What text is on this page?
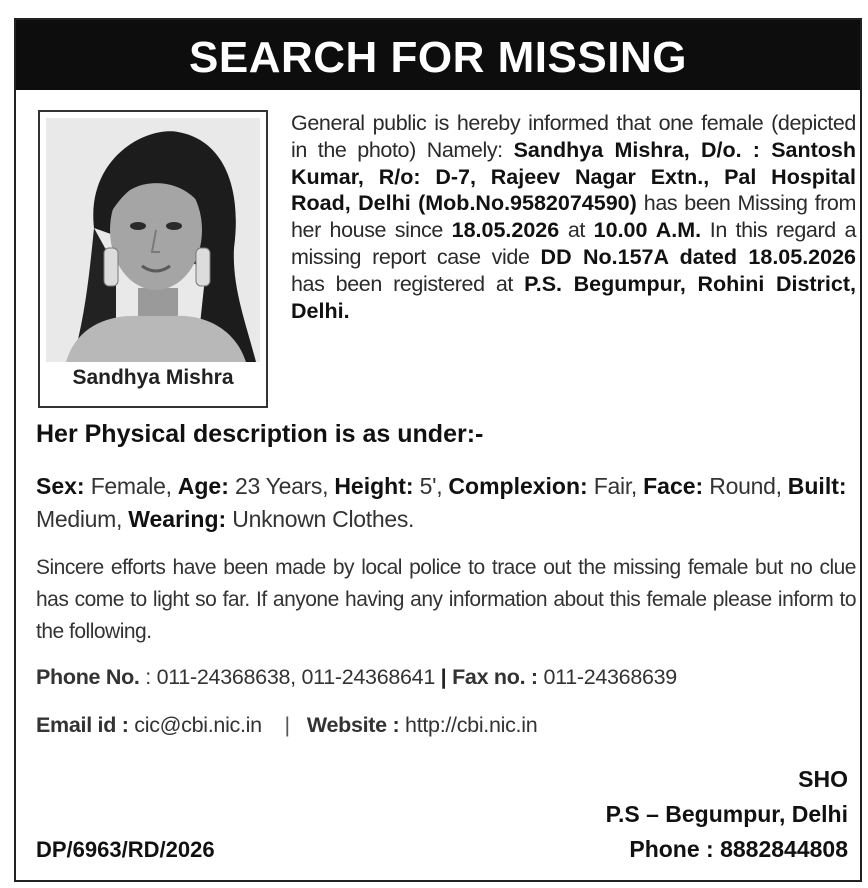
SEARCH FOR MISSING
Sandhya Mishra
General public is hereby informed that one female (depicted in the photo) Namely: Sandhya Mishra, D/o. : Santosh Kumar, R/o: D-7, Rajeev Nagar Extn., Pal Hospital Road, Delhi (Mob.No.9582074590) has been Missing from her house since 18.05.2026 at 10.00 A.M. In this regard a missing report case vide DD No.157A dated 18.05.2026 has been registered at P.S. Begumpur, Rohini District, Delhi.
Her Physical description is as under:-
Sex: Female, Age: 23 Years, Height: 5', Complexion: Fair, Face: Round, Built: Medium, Wearing: Unknown Clothes.
Sincere efforts have been made by local police to trace out the missing female but no clue has come to light so far. If anyone having any information about this female please inform to the following.
Phone No. : 011-24368638, 011-24368641 | Fax no. : 011-24368639
Email id : cic@cbi.nic.in | Website : http://cbi.nic.in
SHO
P.S – Begumpur, Delhi
Phone : 8882844808
DP/6963/RD/2026
